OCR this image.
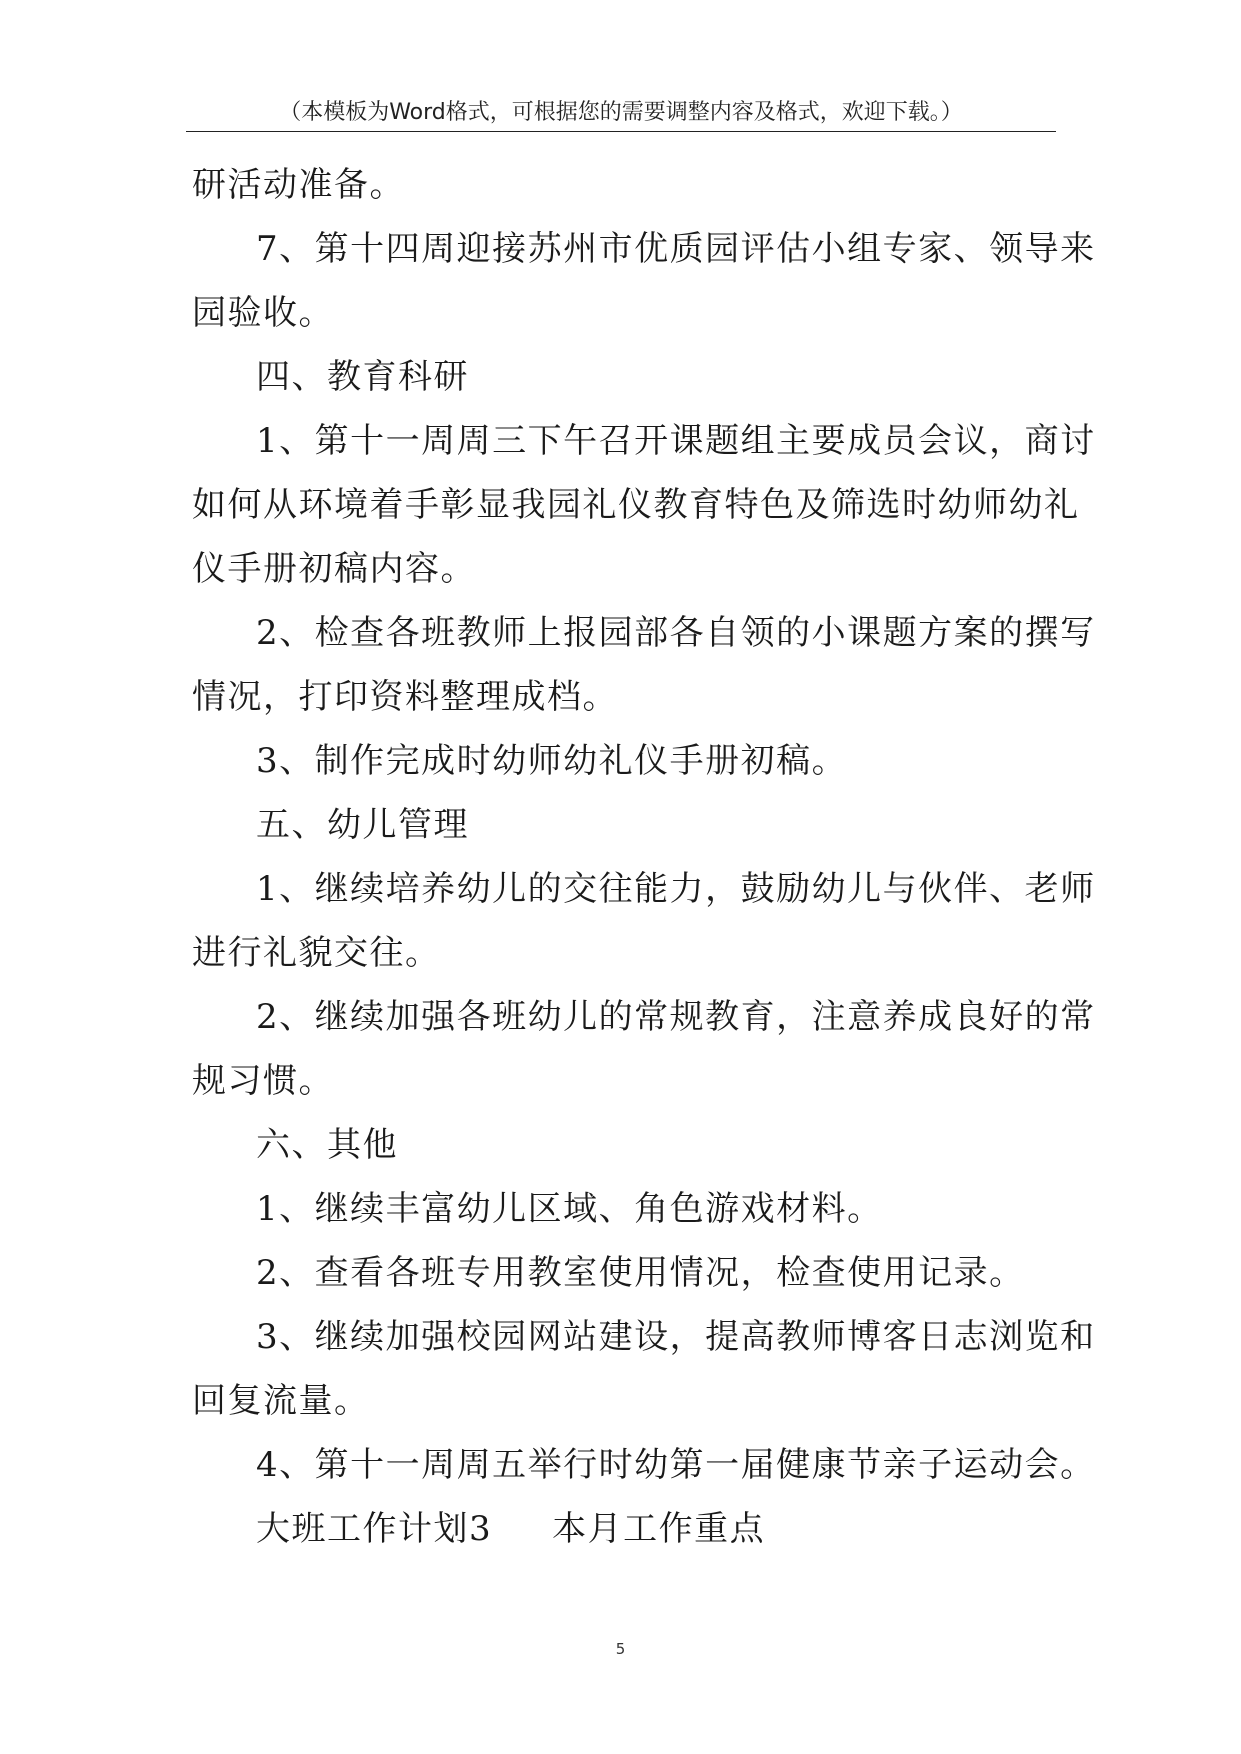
（本模板为Word格式，可根据您的需要调整内容及格式，欢迎下载。）
研活动准备。
7、第十四周迎接苏州市优质园评估小组专家、领导来
园验收。
四、教育科研
1、第十一周周三下午召开课题组主要成员会议，商讨
如何从环境着手彰显我园礼仪教育特色及筛选时幼师幼礼
仪手册初稿内容。
2、检查各班教师上报园部各自领的小课题方案的撰写
情况，打印资料整理成档。
3、制作完成时幼师幼礼仪手册初稿。
五、幼儿管理
1、继续培养幼儿的交往能力，鼓励幼儿与伙伴、老师
进行礼貌交往。
2、继续加强各班幼儿的常规教育，注意养成良好的常
规习惯。
六、其他
1、继续丰富幼儿区域、角色游戏材料。
2、查看各班专用教室使用情况，检查使用记录。
3、继续加强校园网站建设，提高教师博客日志浏览和
回复流量。
4、第十一周周五举行时幼第一届健康节亲子运动会。
大班工作计划3 本月工作重点
5
